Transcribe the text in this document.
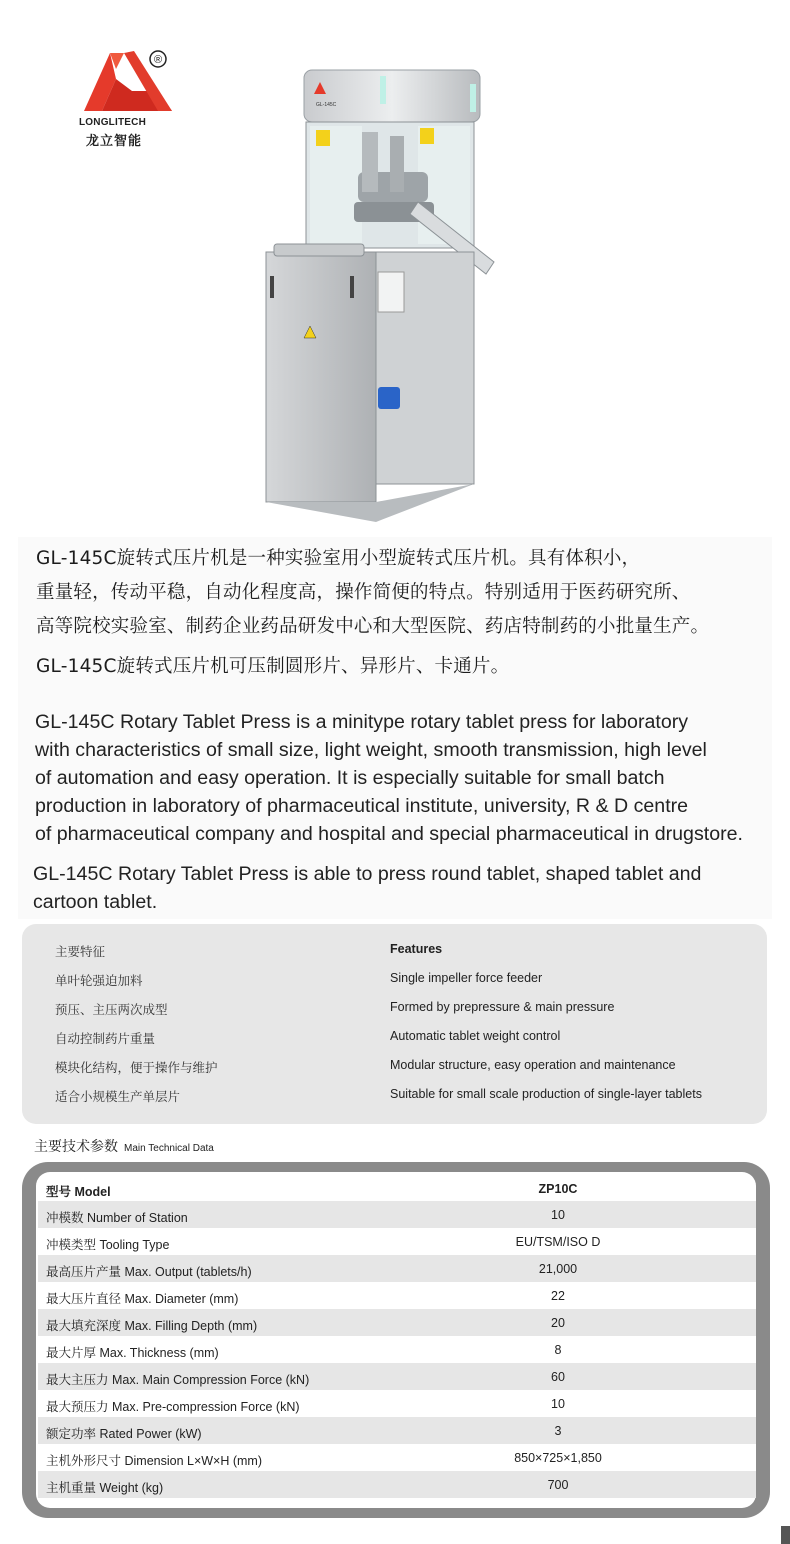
®
LONGLITECH
龙立智能
GL-145C
GL-145C旋转式压片机是一种实验室用小型旋转式压片机。具有体积小，
重量轻，传动平稳，自动化程度高，操作简便的特点。特别适用于医药研究所、
高等院校实验室、制药企业药品研发中心和大型医院、药店特制药的小批量生产。
GL-145C旋转式压片机可压制圆形片、异形片、卡通片。
GL-145C Rotary Tablet Press is a minitype rotary tablet press for laboratory
with characteristics of small size, light weight, smooth transmission, high level
of automation and easy operation. It is especially suitable for small batch
production in laboratory of pharmaceutical institute, university, R & D centre
of pharmaceutical company and hospital and special pharmaceutical in drugstore.
GL-145C Rotary Tablet Press is able to press round tablet, shaped tablet and
cartoon tablet.
主要特征	Features
单叶轮强迫加料	Single impeller force feeder
预压、主压两次成型	Formed by prepressure & main pressure
自动控制药片重量	Automatic tablet weight control
模块化结构，便于操作与维护	Modular structure, easy operation and maintenance
适合小规模生产单层片	Suitable for small scale production of single-layer tablets
主要技术参数 Main Technical Data
型号 Model	ZP10C
冲模数 Number of Station	10
冲模类型 Tooling Type	EU/TSM/ISO D
最高压片产量 Max. Output (tablets/h)	21,000
最大压片直径 Max. Diameter (mm)	22
最大填充深度 Max. Filling Depth (mm)	20
最大片厚 Max. Thickness (mm)	8
最大主压力 Max. Main Compression Force (kN)	60
最大预压力 Max. Pre-compression Force (kN)	10
额定功率 Rated Power (kW)	3
主机外形尺寸 Dimension L×W×H (mm)	850×725×1,850
主机重量 Weight (kg)	700
